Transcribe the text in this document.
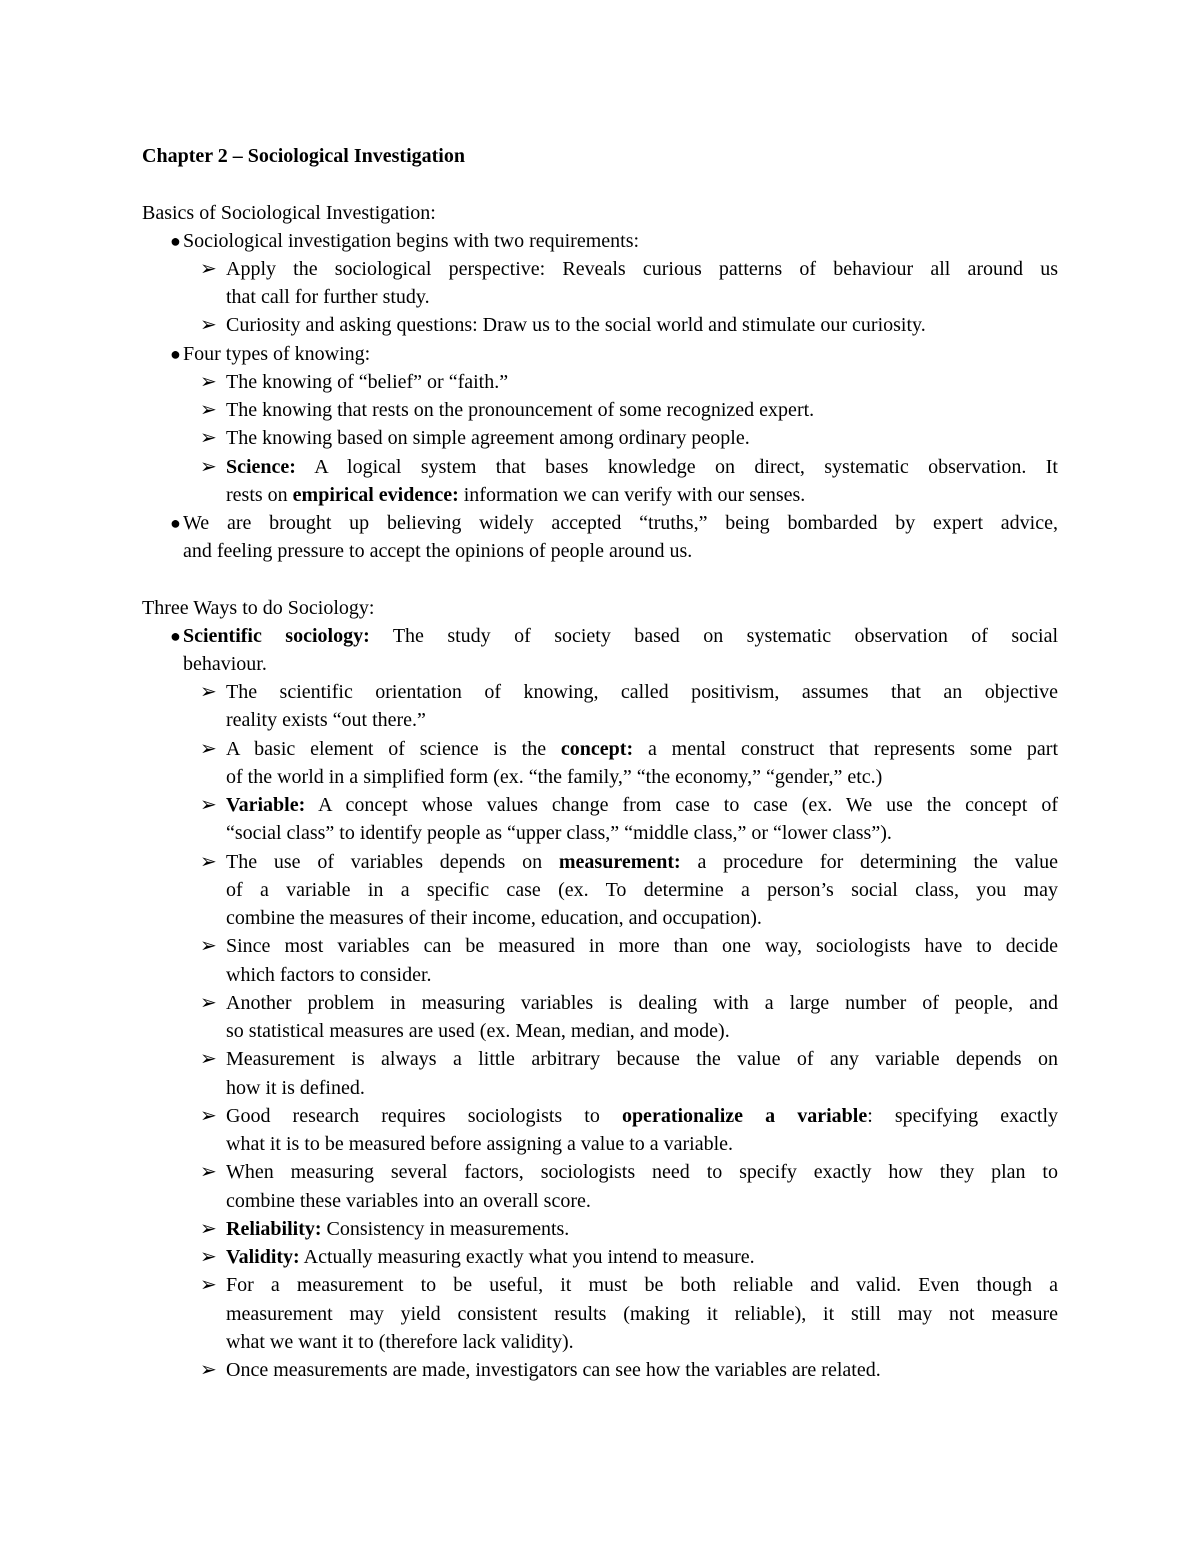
Chapter 2 – Sociological Investigation
Basics of Sociological Investigation:
● Sociological investigation begins with two requirements:
➢ Apply the sociological perspective: Reveals curious patterns of behaviour all around us
that call for further study.
➢ Curiosity and asking questions: Draw us to the social world and stimulate our curiosity.
● Four types of knowing:
➢ The knowing of “belief” or “faith.”
➢ The knowing that rests on the pronouncement of some recognized expert.
➢ The knowing based on simple agreement among ordinary people.
➢ Science: A logical system that bases knowledge on direct, systematic observation. It
rests on empirical evidence: information we can verify with our senses.
● We are brought up believing widely accepted “truths,” being bombarded by expert advice,
and feeling pressure to accept the opinions of people around us.
Three Ways to do Sociology:
● Scientific sociology: The study of society based on systematic observation of social
behaviour.
➢ The scientific orientation of knowing, called positivism, assumes that an objective
reality exists “out there.”
➢ A basic element of science is the concept: a mental construct that represents some part
of the world in a simplified form (ex. “the family,” “the economy,” “gender,” etc.)
➢ Variable: A concept whose values change from case to case (ex. We use the concept of
“social class” to identify people as “upper class,” “middle class,” or “lower class”).
➢ The use of variables depends on measurement: a procedure for determining the value
of a variable in a specific case (ex. To determine a person’s social class, you may
combine the measures of their income, education, and occupation).
➢ Since most variables can be measured in more than one way, sociologists have to decide
which factors to consider.
➢ Another problem in measuring variables is dealing with a large number of people, and
so statistical measures are used (ex. Mean, median, and mode).
➢ Measurement is always a little arbitrary because the value of any variable depends on
how it is defined.
➢ Good research requires sociologists to operationalize a variable: specifying exactly
what it is to be measured before assigning a value to a variable.
➢ When measuring several factors, sociologists need to specify exactly how they plan to
combine these variables into an overall score.
➢ Reliability: Consistency in measurements.
➢ Validity: Actually measuring exactly what you intend to measure.
➢ For a measurement to be useful, it must be both reliable and valid. Even though a
measurement may yield consistent results (making it reliable), it still may not measure
what we want it to (therefore lack validity).
➢ Once measurements are made, investigators can see how the variables are related.
